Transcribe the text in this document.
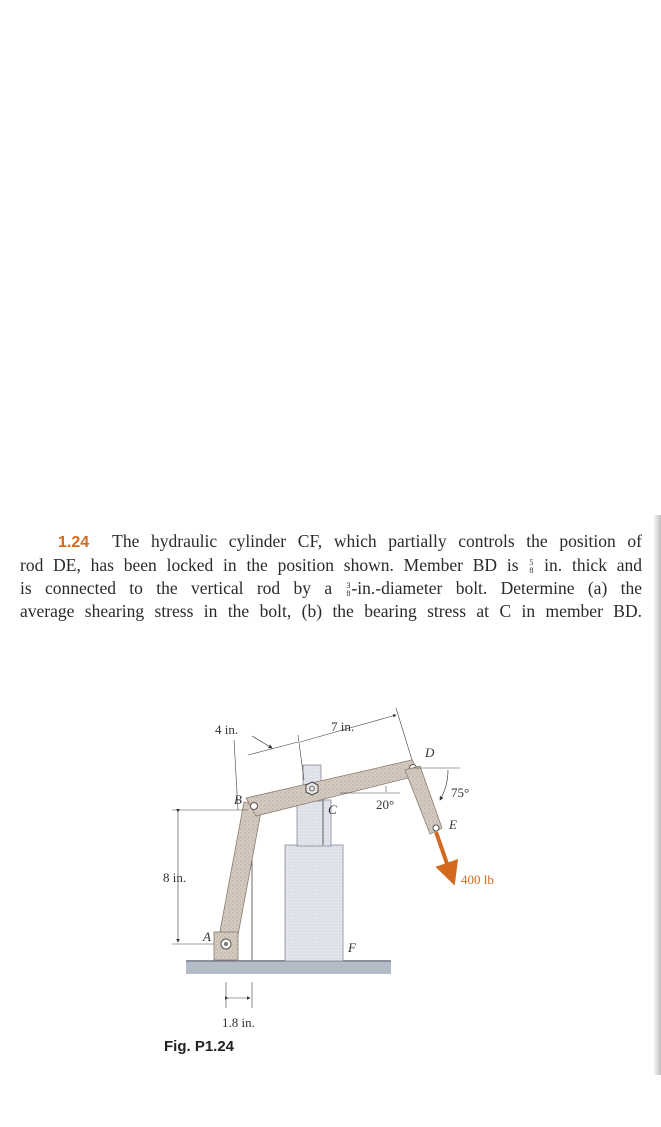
1.24 The hydraulic cylinder CF, which partially controls the position of
rod DE, has been locked in the position shown. Member BD is 5
8 in. thick and
is connected to the vertical rod by a 3
8 -in.-diameter bolt. Determine (a) the
average shearing stress in the bolt, (b) the bearing stress at C in member BD.
4 in.	7 in.
8 in.
1.8 in.
20°
75°
400 lb
A
B
C
D
E
F
Fig. P1.24
